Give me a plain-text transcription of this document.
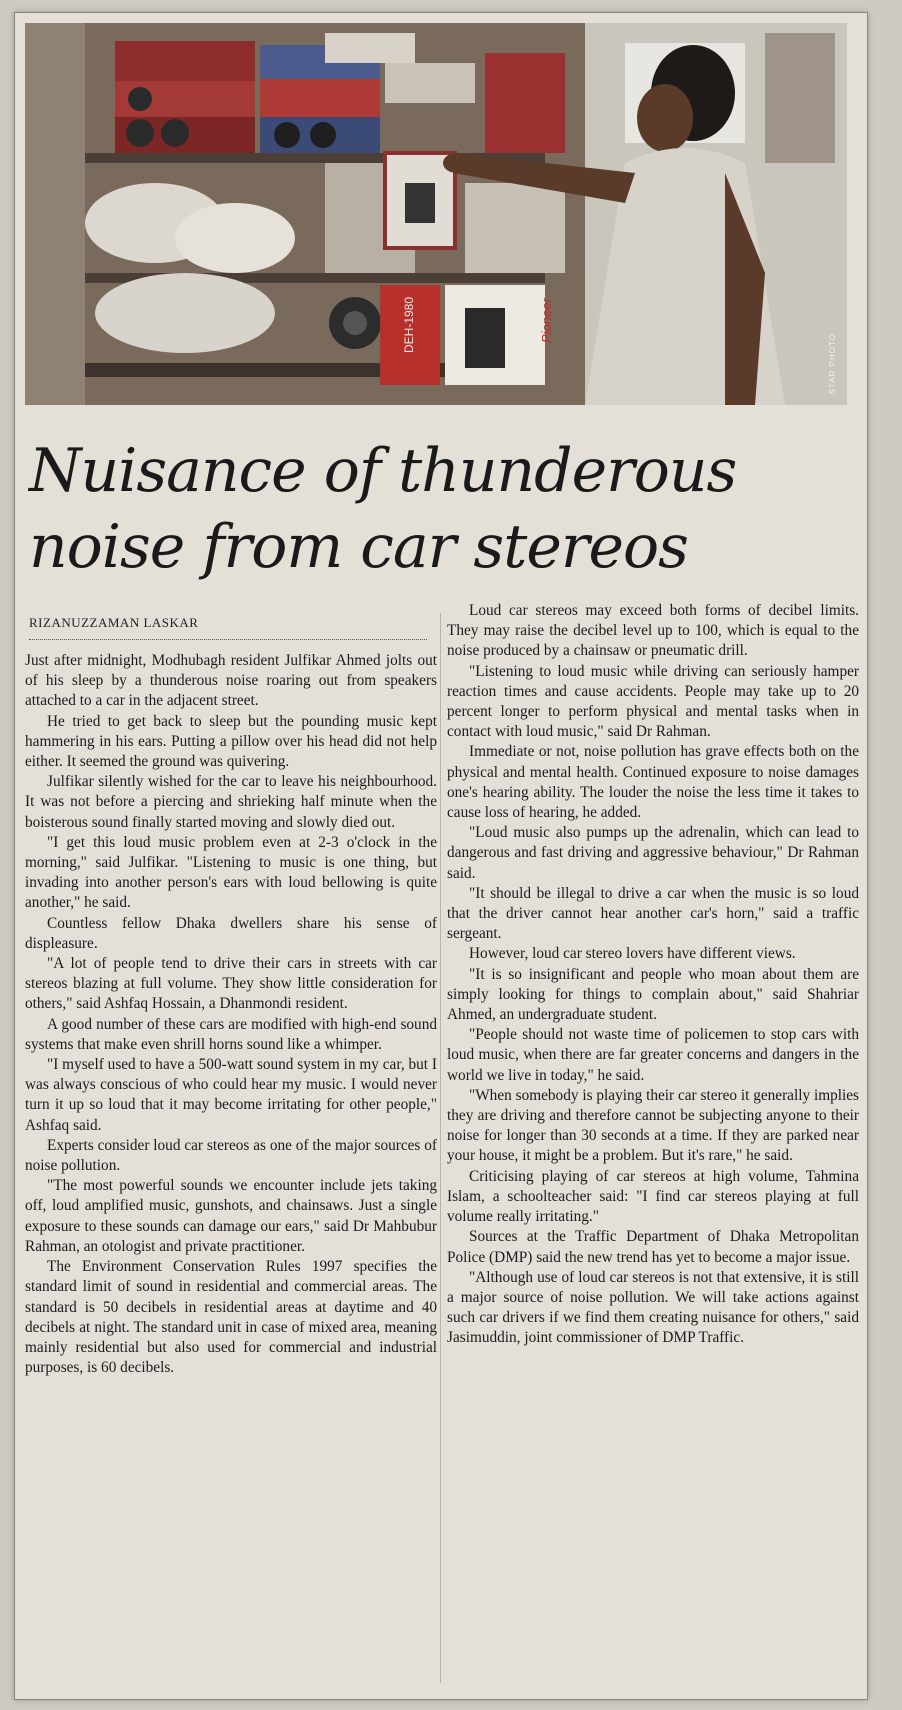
DEH-1980	Pioneer
STAR PHOTO
Nuisance of thunderous
noise from car stereos
RIZANUZZAMAN LASKAR

Just after midnight, Modhubagh resident Julfikar Ahmed jolts out of his sleep by a thunderous noise roaring out from speakers attached to a car in the adjacent street.

He tried to get back to sleep but the pounding music kept hammering in his ears. Putting a pillow over his head did not help either. It seemed the ground was quivering.

Julfikar silently wished for the car to leave his neighbourhood. It was not before a piercing and shrieking half minute when the boisterous sound finally started moving and slowly died out.

"I get this loud music problem even at 2-3 o'clock in the morning," said Julfikar. "Listening to music is one thing, but invading into another person's ears with loud bellowing is quite another," he said.

Countless fellow Dhaka dwellers share his sense of displeasure.

"A lot of people tend to drive their cars in streets with car stereos blazing at full volume. They show little consideration for others," said Ashfaq Hossain, a Dhanmondi resident.

A good number of these cars are modified with high-end sound systems that make even shrill horns sound like a whimper.

"I myself used to have a 500-watt sound system in my car, but I was always conscious of who could hear my music. I would never turn it up so loud that it may become irritating for other people," Ashfaq said.

Experts consider loud car stereos as one of the major sources of noise pollution.

"The most powerful sounds we encounter include jets taking off, loud amplified music, gunshots, and chainsaws. Just a single exposure to these sounds can damage our ears," said Dr Mahbubur Rahman, an otologist and private practitioner.

The Environment Conservation Rules 1997 specifies the standard limit of sound in residential and commercial areas. The standard is 50 decibels in residential areas at daytime and 40 decibels at night. The standard unit in case of mixed area, meaning mainly residential but also used for commercial and industrial purposes, is 60 decibels.

Loud car stereos may exceed both forms of decibel limits. They may raise the decibel level up to 100, which is equal to the noise produced by a chainsaw or pneumatic drill.

"Listening to loud music while driving can seriously hamper reaction times and cause accidents. People may take up to 20 percent longer to perform physical and mental tasks when in contact with loud music," said Dr Rahman.

Immediate or not, noise pollution has grave effects both on the physical and mental health. Continued exposure to noise damages one's hearing ability. The louder the noise the less time it takes to cause loss of hearing, he added.

"Loud music also pumps up the adrenalin, which can lead to dangerous and fast driving and aggressive behaviour," Dr Rahman said.

"It should be illegal to drive a car when the music is so loud that the driver cannot hear another car's horn," said a traffic sergeant.

However, loud car stereo lovers have different views.

"It is so insignificant and people who moan about them are simply looking for things to complain about," said Shahriar Ahmed, an undergraduate student.

"People should not waste time of policemen to stop cars with loud music, when there are far greater concerns and dangers in the world we live in today," he said.

"When somebody is playing their car stereo it generally implies they are driving and therefore cannot be subjecting anyone to their noise for longer than 30 seconds at a time. If they are parked near your house, it might be a problem. But it's rare," he said.

Criticising playing of car stereos at high volume, Tahmina Islam, a schoolteacher said: "I find car stereos playing at full volume really irritating."

Sources at the Traffic Department of Dhaka Metropolitan Police (DMP) said the new trend has yet to become a major issue.

"Although use of loud car stereos is not that extensive, it is still a major source of noise pollution. We will take actions against such car drivers if we find them creating nuisance for others," said Jasimuddin, joint commissioner of DMP Traffic.
